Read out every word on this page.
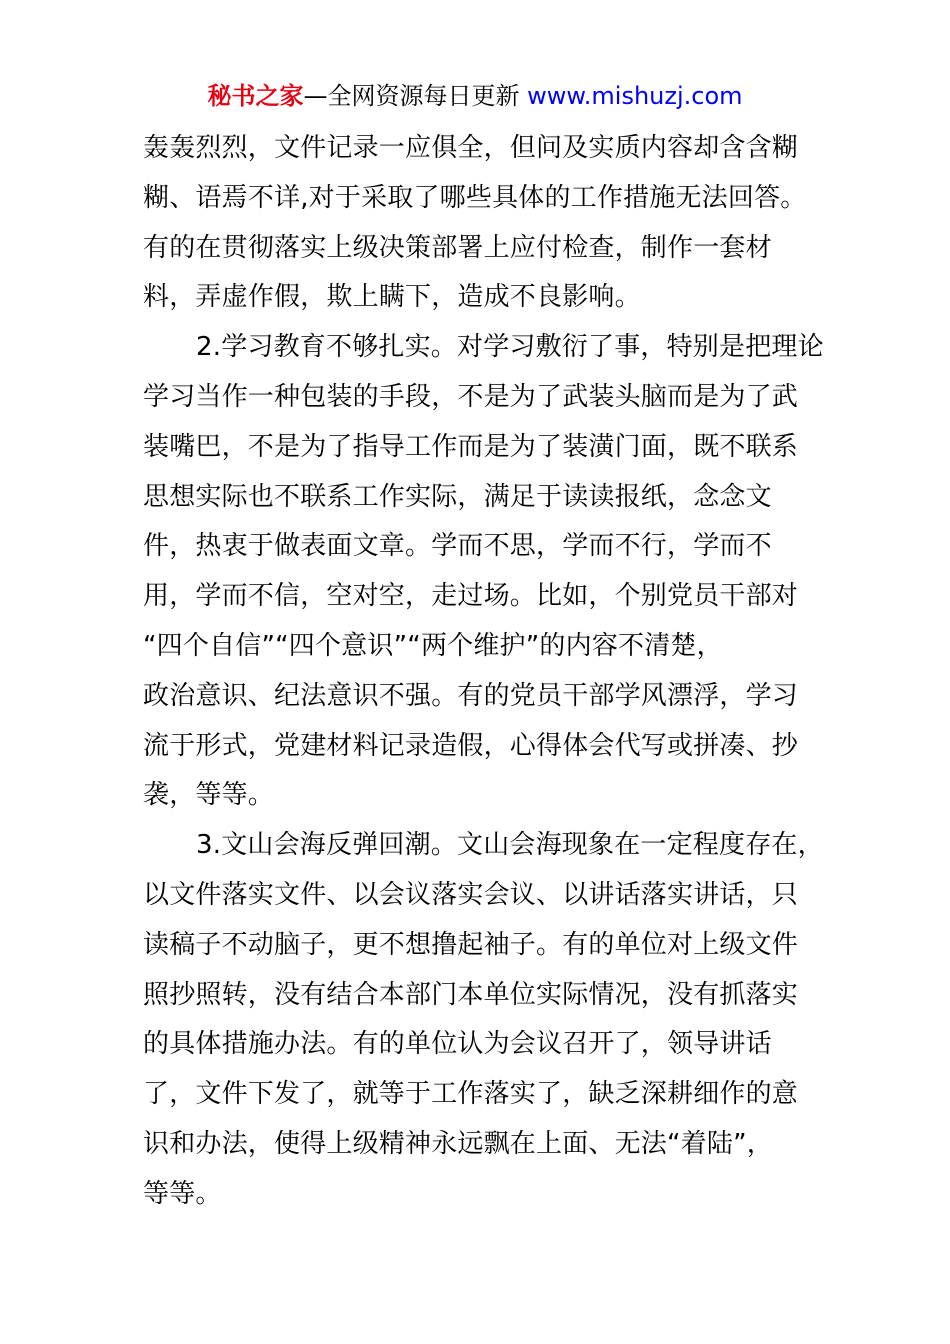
秘书之家—全网资源每日更新 www.mishuzj.com
轰轰烈烈，文件记录一应俱全，但问及实质内容却含含糊
糊、语焉不详,对于采取了哪些具体的工作措施无法回答。
有的在贯彻落实上级决策部署上应付检查，制作一套材
料，弄虚作假，欺上瞒下，造成不良影响。
2.学习教育不够扎实。对学习敷衍了事，特别是把理论
学习当作一种包装的手段，不是为了武装头脑而是为了武
装嘴巴，不是为了指导工作而是为了装潢门面，既不联系
思想实际也不联系工作实际，满足于读读报纸，念念文
件，热衷于做表面文章。学而不思，学而不行，学而不
用，学而不信，空对空，走过场。比如，个别党员干部对
“四个自信”“四个意识”“两个维护”的内容不清楚，
政治意识、纪法意识不强。有的党员干部学风漂浮，学习
流于形式，党建材料记录造假，心得体会代写或拼凑、抄
袭，等等。
3.文山会海反弹回潮。文山会海现象在一定程度存在，
以文件落实文件、以会议落实会议、以讲话落实讲话，只
读稿子不动脑子，更不想撸起袖子。有的单位对上级文件
照抄照转，没有结合本部门本单位实际情况，没有抓落实
的具体措施办法。有的单位认为会议召开了，领导讲话
了，文件下发了，就等于工作落实了，缺乏深耕细作的意
识和办法，使得上级精神永远飘在上面、无法“着陆”，
等等。
